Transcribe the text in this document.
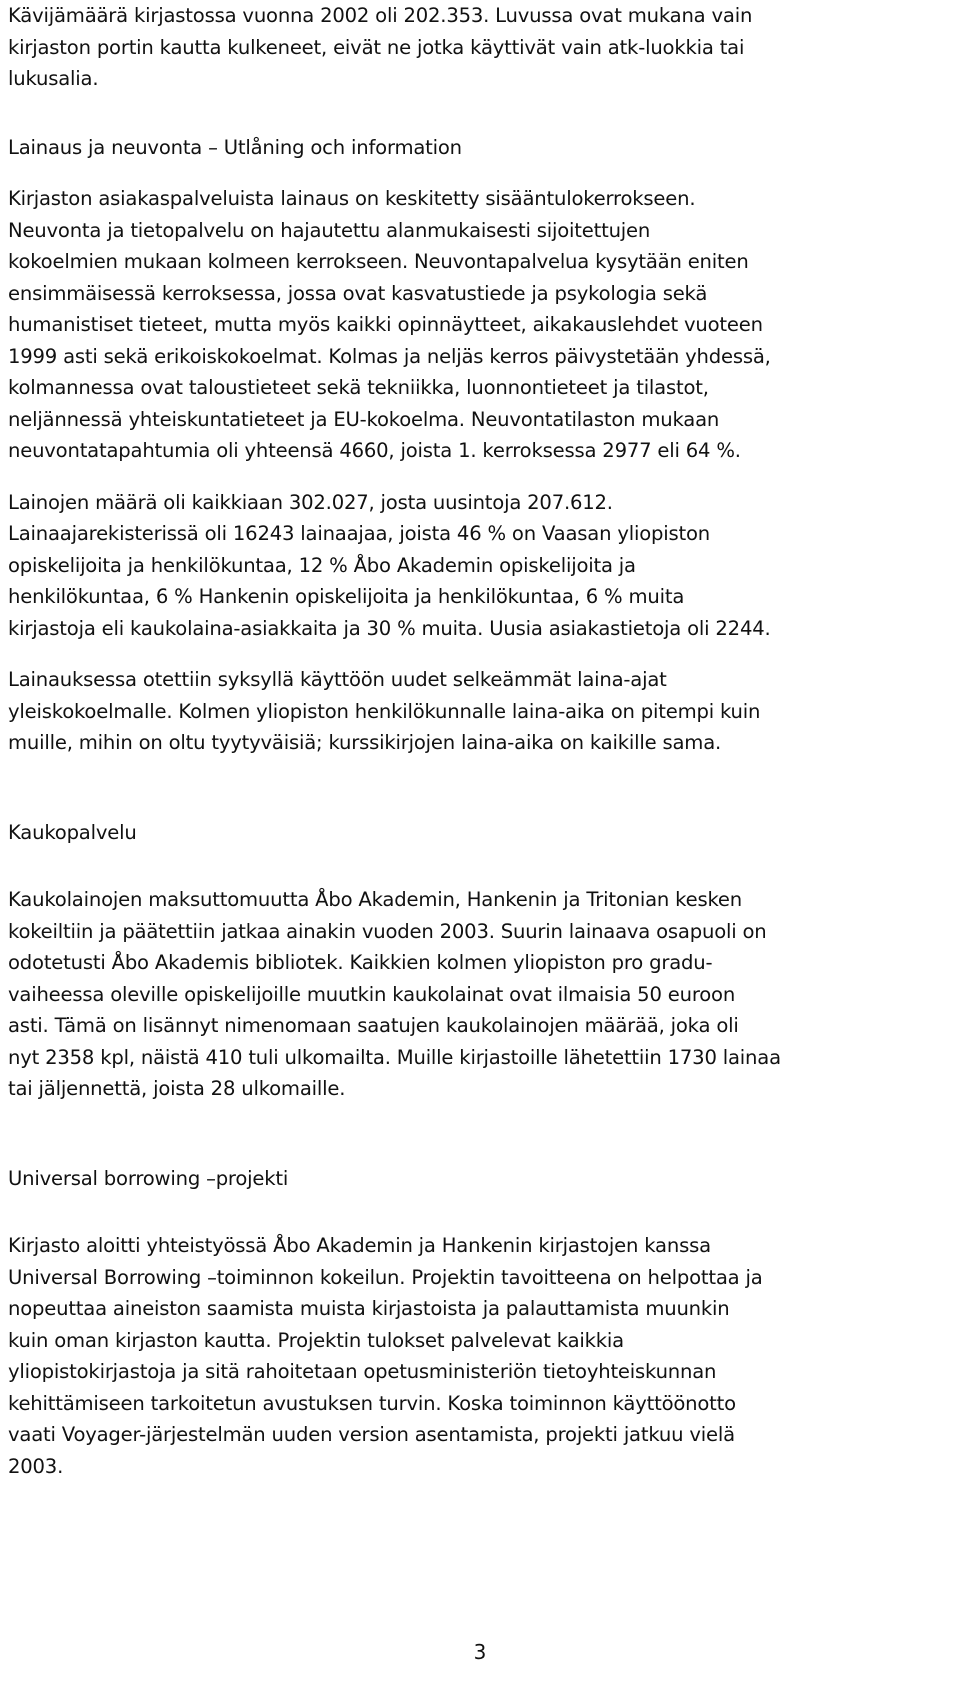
Kävijämäärä kirjastossa vuonna 2002 oli 202.353. Luvussa ovat mukana vain
kirjaston portin kautta kulkeneet, eivät ne jotka käyttivät vain atk-luokkia tai
lukusalia.

Lainaus ja neuvonta – Utlåning och information

Kirjaston asiakaspalveluista lainaus on keskitetty sisääntulokerrokseen.
Neuvonta ja tietopalvelu on hajautettu alanmukaisesti sijoitettujen
kokoelmien mukaan kolmeen kerrokseen. Neuvontapalvelua kysytään eniten
ensimmäisessä kerroksessa, jossa ovat kasvatustiede ja psykologia sekä
humanistiset tieteet, mutta myös kaikki opinnäytteet, aikakauslehdet vuoteen
1999 asti sekä erikoiskokoelmat. Kolmas ja neljäs kerros päivystetään yhdessä,
kolmannessa ovat taloustieteet sekä tekniikka, luonnontieteet ja tilastot,
neljännessä yhteiskuntatieteet ja EU-kokoelma. Neuvontatilaston mukaan
neuvontatapahtumia oli yhteensä 4660, joista 1. kerroksessa 2977 eli 64 %.

Lainojen määrä oli kaikkiaan 302.027, josta uusintoja 207.612.
Lainaajarekisterissä oli 16243 lainaajaa, joista 46 % on Vaasan yliopiston
opiskelijoita ja henkilökuntaa, 12 % Åbo Akademin opiskelijoita ja
henkilökuntaa, 6 % Hankenin opiskelijoita ja henkilökuntaa, 6 % muita
kirjastoja eli kaukolaina-asiakkaita ja 30 % muita. Uusia asiakastietoja oli 2244.

Lainauksessa otettiin syksyllä käyttöön uudet selkeämmät laina-ajat
yleiskokoelmalle. Kolmen yliopiston henkilökunnalle laina-aika on pitempi kuin
muille, mihin on oltu tyytyväisiä; kurssikirjojen laina-aika on kaikille sama.

Kaukopalvelu

Kaukolainojen maksuttomuutta Åbo Akademin, Hankenin ja Tritonian kesken
kokeiltiin ja päätettiin jatkaa ainakin vuoden 2003. Suurin lainaava osapuoli on
odotetusti Åbo Akademis bibliotek. Kaikkien kolmen yliopiston pro gradu-
vaiheessa oleville opiskelijoille muutkin kaukolainat ovat ilmaisia 50 euroon
asti. Tämä on lisännyt nimenomaan saatujen kaukolainojen määrää, joka oli
nyt 2358 kpl, näistä 410 tuli ulkomailta. Muille kirjastoille lähetettiin 1730 lainaa
tai jäljennettä, joista 28 ulkomaille.

Universal borrowing –projekti

Kirjasto aloitti yhteistyössä Åbo Akademin ja Hankenin kirjastojen kanssa
Universal Borrowing –toiminnon kokeilun. Projektin tavoitteena on helpottaa ja
nopeuttaa aineiston saamista muista kirjastoista ja palauttamista muunkin
kuin oman kirjaston kautta. Projektin tulokset palvelevat kaikkia
yliopistokirjastoja ja sitä rahoitetaan opetusministeriön tietoyhteiskunnan
kehittämiseen tarkoitetun avustuksen turvin. Koska toiminnon käyttöönotto
vaati Voyager-järjestelmän uuden version asentamista, projekti jatkuu vielä
2003.

3
